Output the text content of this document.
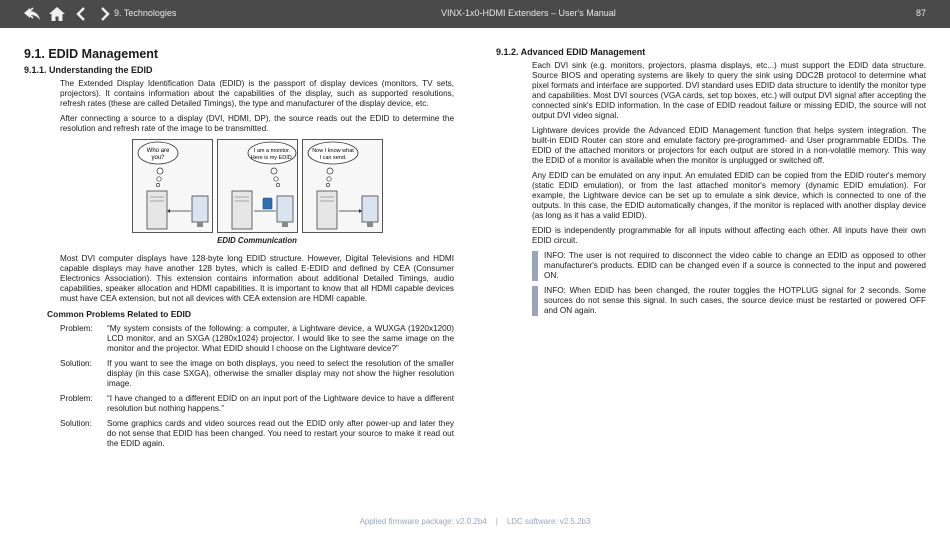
9. Technologies	VINX-1x0-HDMI Extenders – User's Manual	87
9.1. EDID Management
9.1.1. Understanding the EDID

The Extended Display Identification Data (EDID) is the passport of display devices (monitors, TV sets, projectors). It contains information about the capabilities of the display, such as supported resolutions, refresh rates (these are called Detailed Timings), the type and manufacturer of the display device, etc.

After connecting a source to a display (DVI, HDMI, DP), the source reads out the EDID to determine the resolution and refresh rate of the image to be transmitted.

Who are
you?
I am a monitor.
Here is my EDID.
Now I know what
I can send.
EDID Communication

Most DVI computer displays have 128-byte long EDID structure. However, Digital Televisions and HDMI capable displays may have another 128 bytes, which is called E-EDID and defined by CEA (Consumer Electronics Association). This extension contains information about additional Detailed Timings, audio capabilities, speaker allocation and HDMI capabilities. It is important to know that all HDMI capable devices must have CEA extension, but not all devices with CEA extension are HDMI capable.

Common Problems Related to EDID
Problem:	“My system consists of the following: a computer, a Lightware device, a WUXGA (1920x1200) LCD monitor, and an SXGA (1280x1024) projector. I would like to see the same image on the monitor and the projector. What EDID should I choose on the Lightware device?”
Solution:	If you want to see the image on both displays, you need to select the resolution of the smaller display (in this case SXGA), otherwise the smaller display may not show the higher resolution image.
Problem:	“I have changed to a different EDID on an input port of the Lightware device to have a different resolution but nothing happens.”
Solution:	Some graphics cards and video sources read out the EDID only after power-up and later they do not sense that EDID has been changed. You need to restart your source to make it read out the EDID again.
9.1.2. Advanced EDID Management

Each DVI sink (e.g. monitors, projectors, plasma displays, etc...) must support the EDID data structure. Source BIOS and operating systems are likely to query the sink using DDC2B protocol to determine what pixel formats and interface are supported. DVI standard uses EDID data structure to identify the monitor type and capabilities. Most DVI sources (VGA cards, set top boxes, etc.) will output DVI signal after accepting the connected sink's EDID information. In the case of EDID readout failure or missing EDID, the source will not output DVI video signal.

Lightware devices provide the Advanced EDID Management function that helps system integration. The built-in EDID Router can store and emulate factory pre-programmed- and User programmable EDIDs. The EDID of the attached monitors or projectors for each output are stored in a non-volatile memory. This way the EDID of a monitor is available when the monitor is unplugged or switched off.

Any EDID can be emulated on any input. An emulated EDID can be copied from the EDID router's memory (static EDID emulation), or from the last attached monitor's memory (dynamic EDID emulation). For example, the Lightware device can be set up to emulate a sink device, which is connected to one of the outputs. In this case, the EDID automatically changes, if the monitor is replaced with another display device (as long as it has a valid EDID).

EDID is independently programmable for all inputs without affecting each other. All inputs have their own EDID circuit.

INFO: The user is not required to disconnect the video cable to change an EDID as opposed to other manufacturer's products. EDID can be changed even if a source is connected to the input and powered ON.
INFO: When EDID has been changed, the router toggles the HOTPLUG signal for 2 seconds. Some sources do not sense this signal. In such cases, the source device must be restarted or powered OFF and ON again.
Applied firmware package: v2.0.2b4 | LDC software: v2.5.2b3
